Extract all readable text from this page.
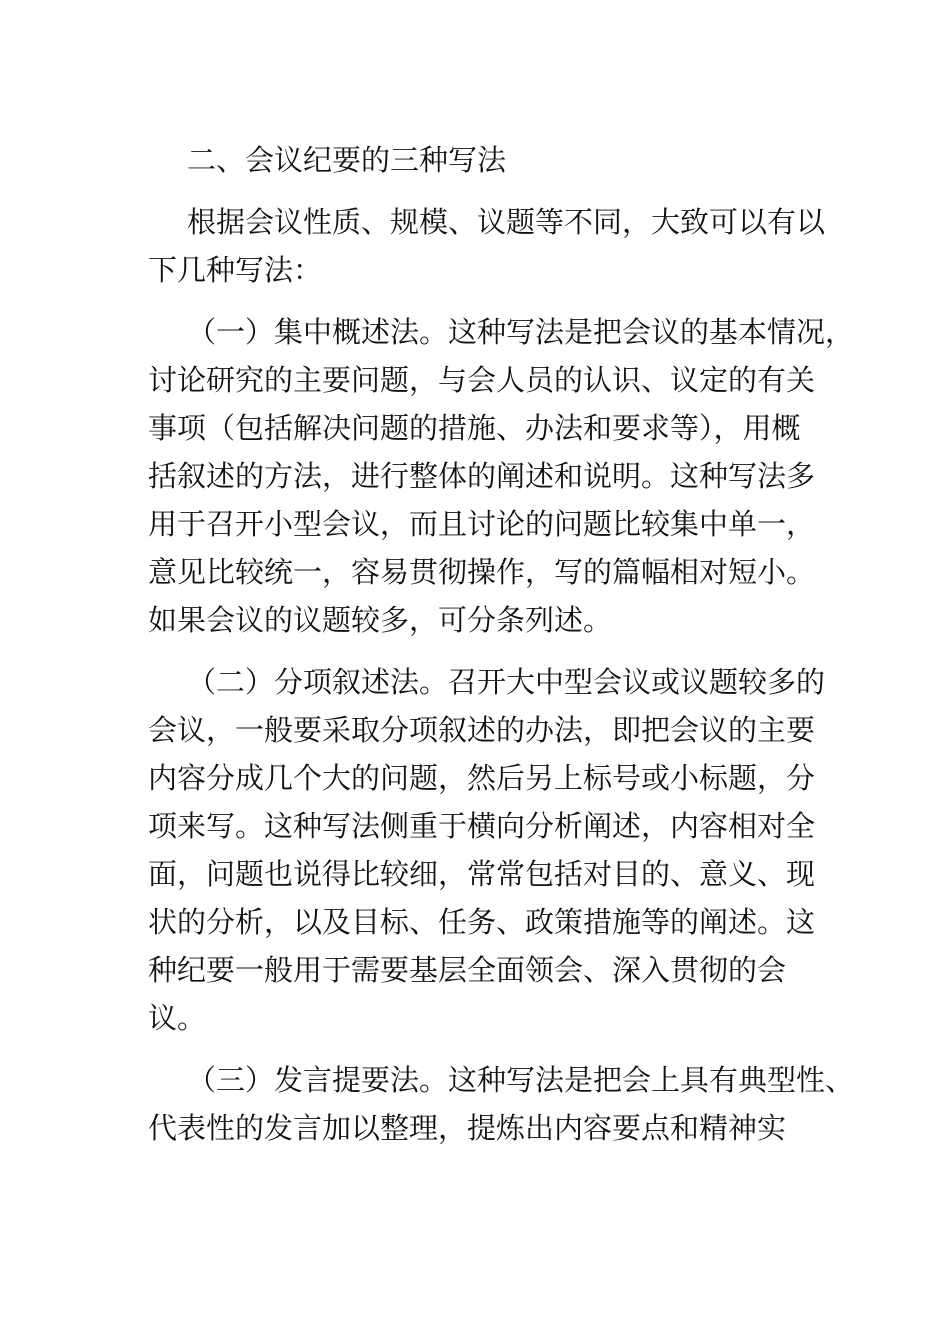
二、会议纪要的三种写法
根据会议性质、规模、议题等不同，大致可以有以
下几种写法：
（一）集中概述法。这种写法是把会议的基本情况，
讨论研究的主要问题，与会人员的认识、议定的有关
事项（包括解决问题的措施、办法和要求等），用概
括叙述的方法，进行整体的阐述和说明。这种写法多
用于召开小型会议，而且讨论的问题比较集中单一，
意见比较统一，容易贯彻操作，写的篇幅相对短小。
如果会议的议题较多，可分条列述。
（二）分项叙述法。召开大中型会议或议题较多的
会议，一般要采取分项叙述的办法，即把会议的主要
内容分成几个大的问题，然后另上标号或小标题，分
项来写。这种写法侧重于横向分析阐述，内容相对全
面，问题也说得比较细，常常包括对目的、意义、现
状的分析，以及目标、任务、政策措施等的阐述。这
种纪要一般用于需要基层全面领会、深入贯彻的会
议。
（三）发言提要法。这种写法是把会上具有典型性、
代表性的发言加以整理，提炼出内容要点和精神实
